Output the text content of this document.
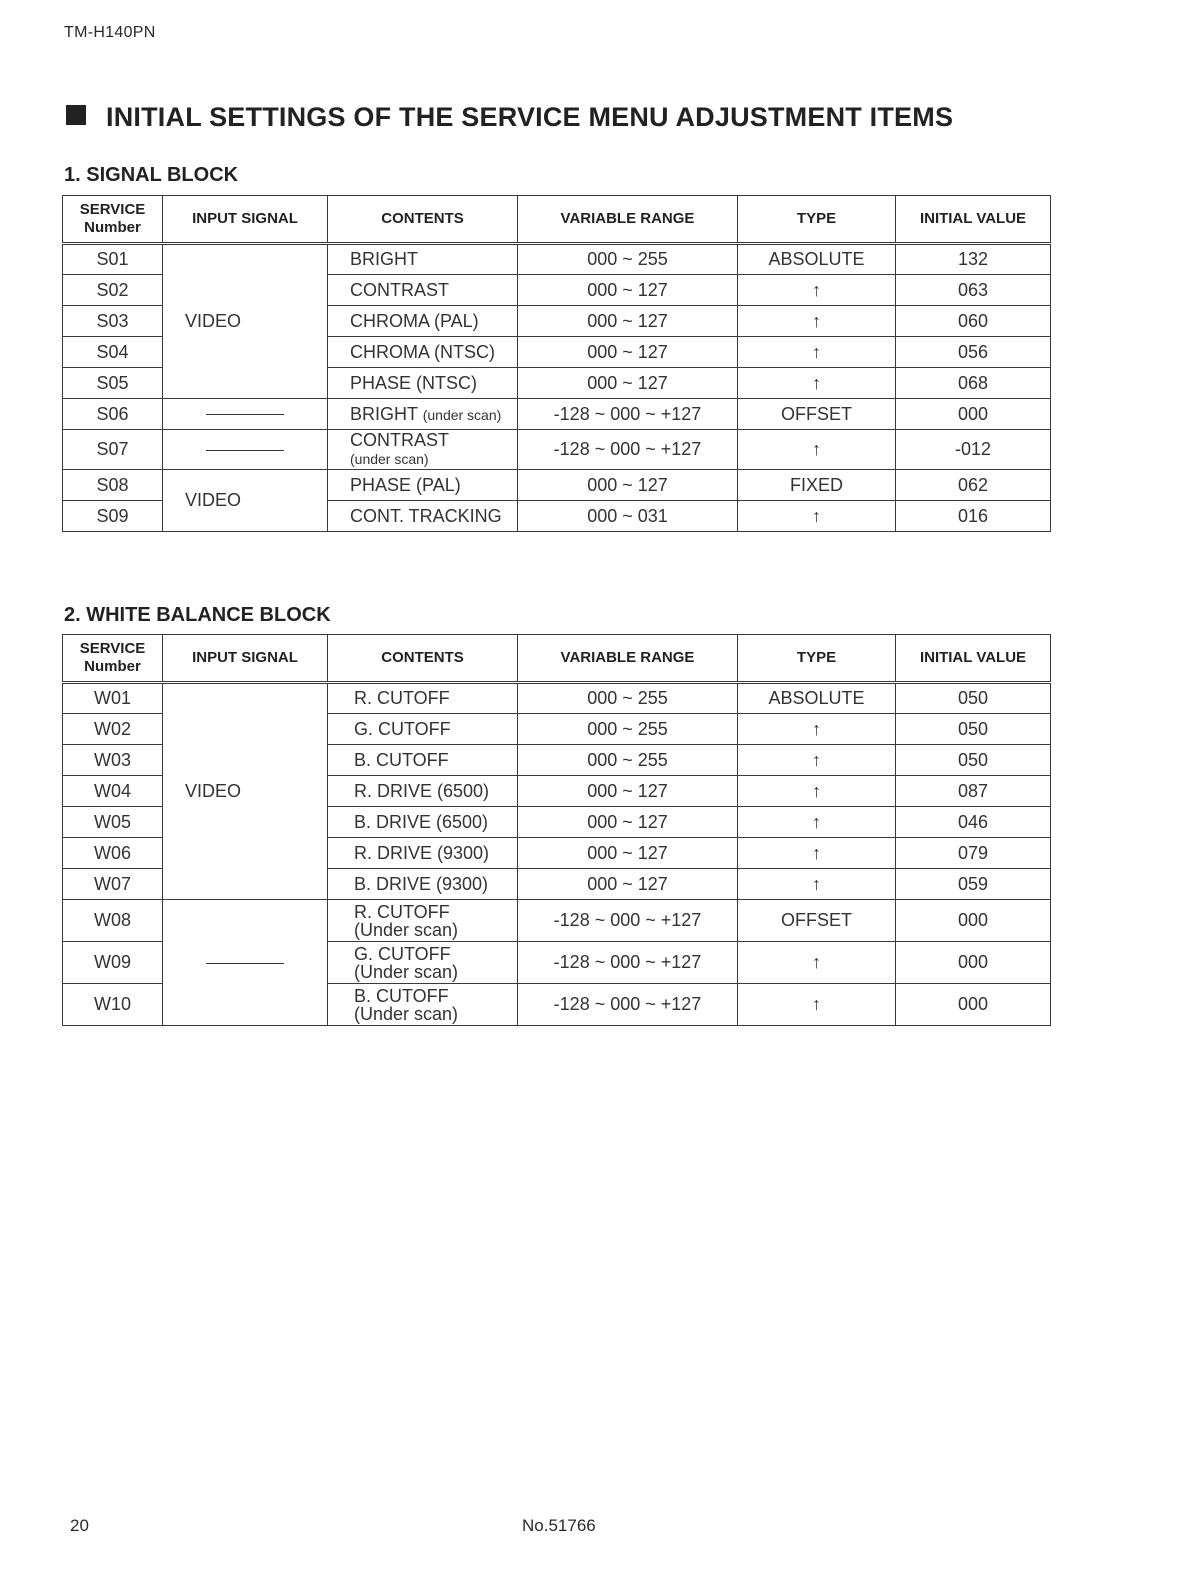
TM-H140PN
INITIAL SETTINGS OF THE SERVICE MENU ADJUSTMENT ITEMS
1. SIGNAL BLOCK
SERVICE
Number	INPUT SIGNAL	CONTENTS	VARIABLE RANGE	TYPE	INITIAL VALUE
S01	VIDEO	BRIGHT	000 ~ 255	ABSOLUTE	132
S02		CONTRAST	000 ~ 127	↑	063
S03		CHROMA (PAL)	000 ~ 127	↑	060
S04		CHROMA (NTSC)	000 ~ 127	↑	056
S05		PHASE (NTSC)	000 ~ 127	↑	068
S06		BRIGHT (under scan)	-128 ~ 000 ~ +127	OFFSET	000
S07		CONTRAST
(under scan)	-128 ~ 000 ~ +127	↑	-012
S08	VIDEO	PHASE (PAL)	000 ~ 127	FIXED	062
S09		CONT. TRACKING	000 ~ 031	↑	016
2. WHITE BALANCE BLOCK
SERVICE
Number	INPUT SIGNAL	CONTENTS	VARIABLE RANGE	TYPE	INITIAL VALUE
W01	VIDEO	R. CUTOFF	000 ~ 255	ABSOLUTE	050
W02		G. CUTOFF	000 ~ 255	↑	050
W03		B. CUTOFF	000 ~ 255	↑	050
W04		R. DRIVE (6500)	000 ~ 127	↑	087
W05		B. DRIVE (6500)	000 ~ 127	↑	046
W06		R. DRIVE (9300)	000 ~ 127	↑	079
W07		B. DRIVE (9300)	000 ~ 127	↑	059
W08		R. CUTOFF
(Under scan)	-128 ~ 000 ~ +127	OFFSET	000
W09		G. CUTOFF
(Under scan)	-128 ~ 000 ~ +127	↑	000
W10		B. CUTOFF
(Under scan)	-128 ~ 000 ~ +127	↑	000
20	No.51766
